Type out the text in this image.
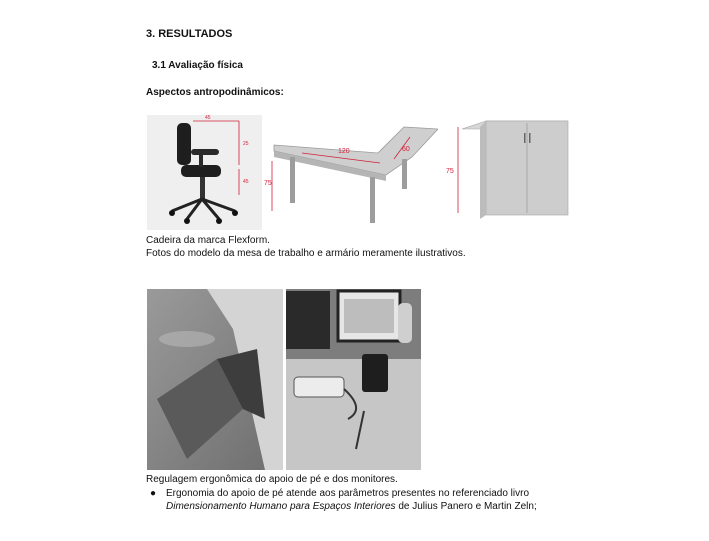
3. RESULTADOS
3.1 Avaliação física
Aspectos antropodinâmicos:
45
25
45
120	60
75
75
Cadeira da marca Flexform.
Fotos do modelo da mesa de trabalho e armário meramente ilustrativos.
Regulagem ergonômica do apoio de pé e dos monitores.
● Ergonomia do apoio de pé atende aos parâmetros presentes no referenciado livro
Dimensionamento Humano para Espaços Interiores de Julius Panero e Martin Zeln;
